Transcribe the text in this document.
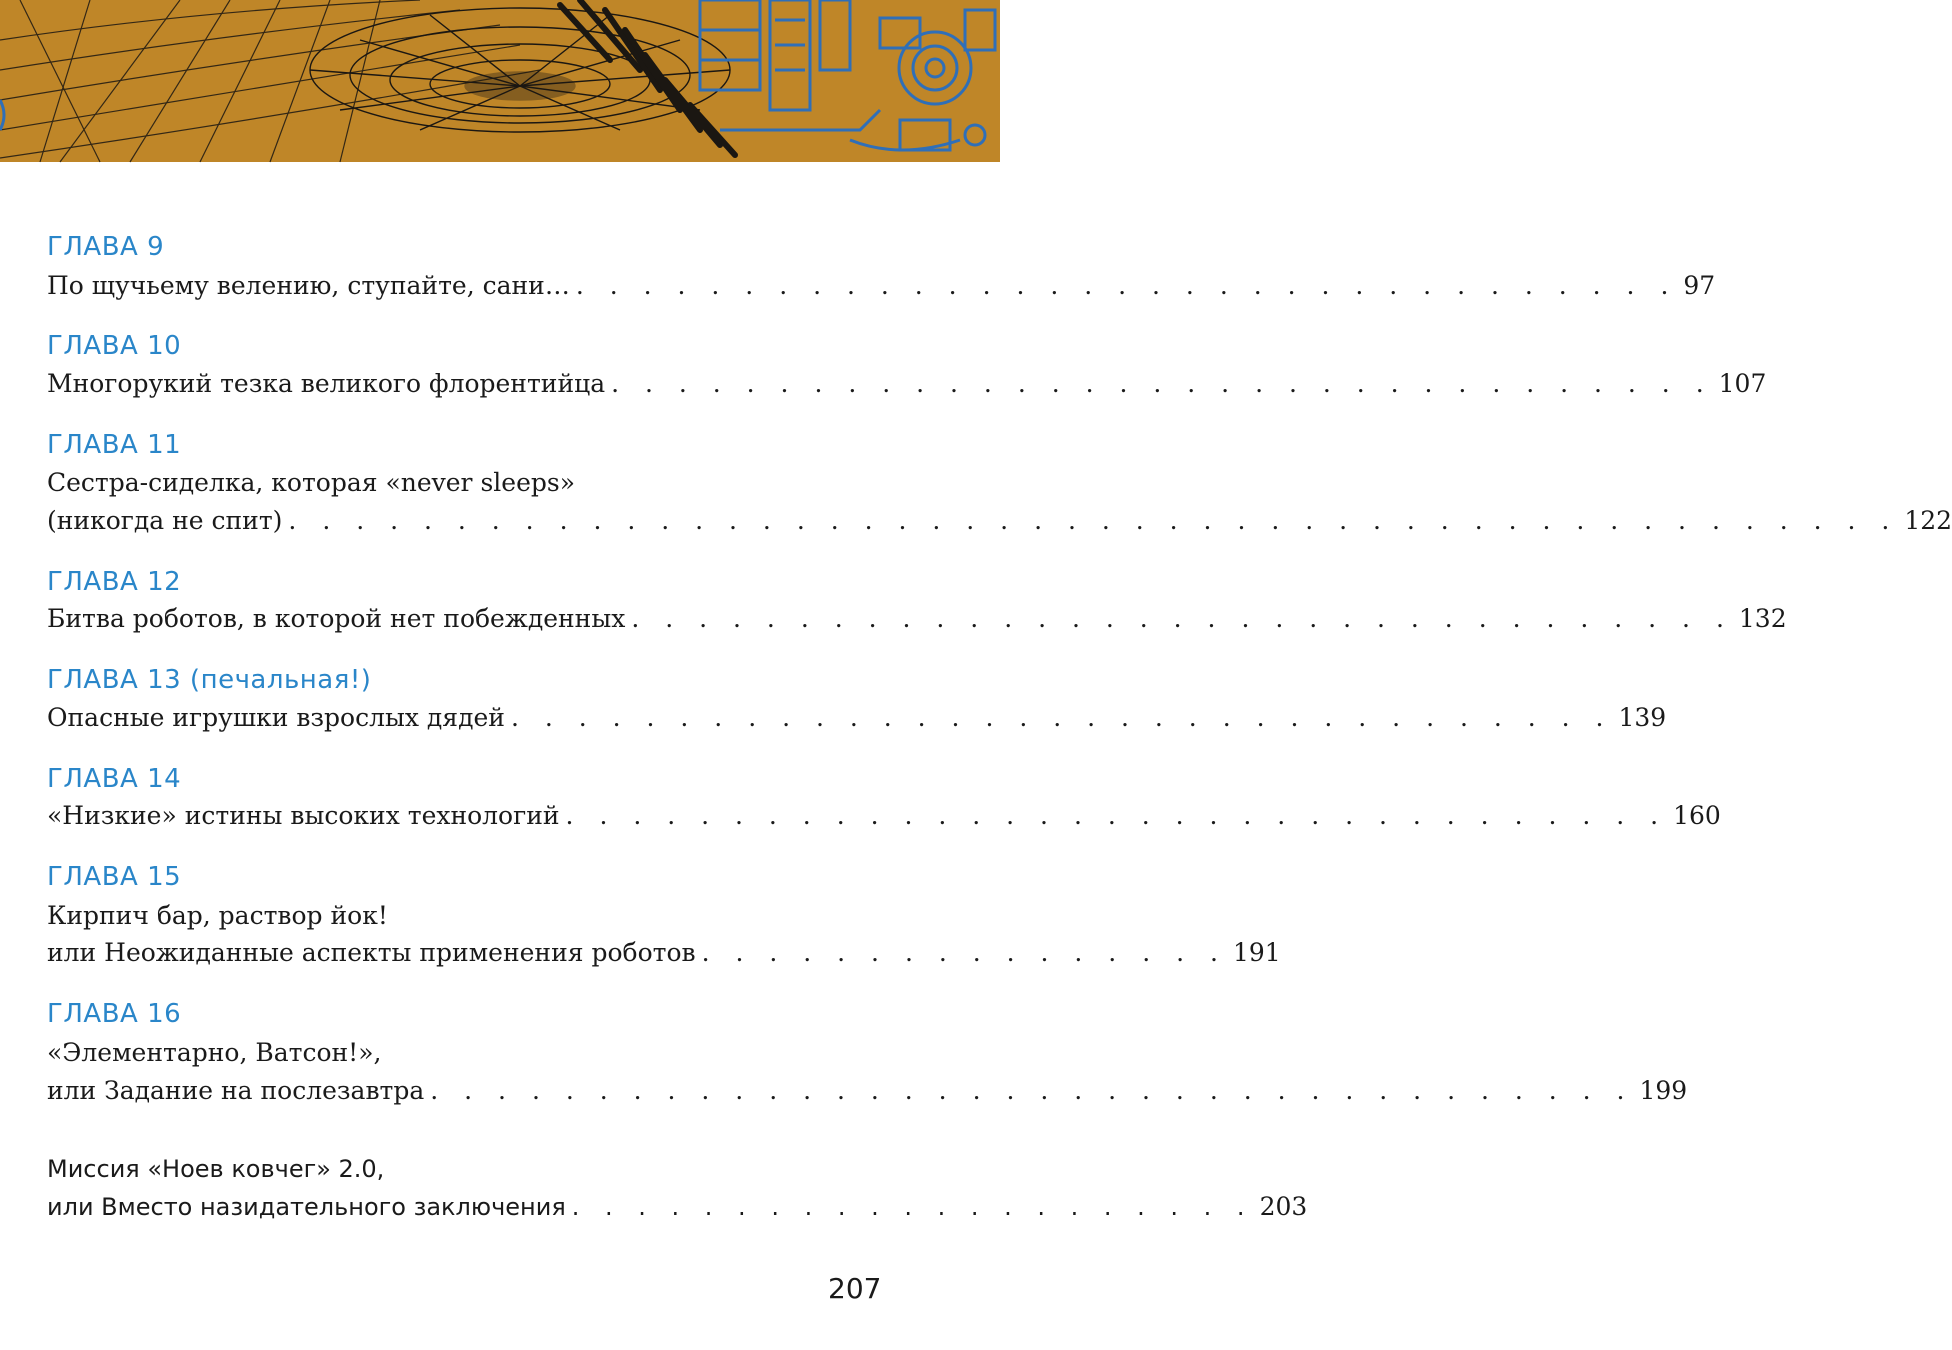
ГЛАВА 9
По щучьему велению, ступайте, сани… . . . . . . . . . . . . . . . . . . . . . . . . . . . . . . . . . 97
ГЛАВА 10
Многорукий тезка великого флорентийца . . . . . . . . . . . . . . . . . . . . . . . . . . . . . . . . . 107
ГЛАВА 11
Сестра-сиделка, которая «never sleeps»
(никогда не спит) . . . . . . . . . . . . . . . . . . . . . . . . . . . . . . . . . . . . . . . . . . . . . . . . 122
ГЛАВА 12
Битва роботов, в которой нет побежденных . . . . . . . . . . . . . . . . . . . . . . . . . . . . . . . . . 132
ГЛАВА 13 (печальная!)
Опасные игрушки взрослых дядей . . . . . . . . . . . . . . . . . . . . . . . . . . . . . . . . . 139
ГЛАВА 14
«Низкие» истины высоких технологий . . . . . . . . . . . . . . . . . . . . . . . . . . . . . . . . . 160
ГЛАВА 15
Кирпич бар, раствор йок!
или Неожиданные аспекты применения роботов . . . . . . . . . . . . . . . . 191
ГЛАВА 16
«Элементарно, Ватсон!»,
или Задание на послезавтра . . . . . . . . . . . . . . . . . . . . . . . . . . . . . . . . . . . . 199
Миссия «Ноев ковчег» 2.0,
или Вместо назидательного заключения . . . . . . . . . . . . . . . . . . . . . 203
207
